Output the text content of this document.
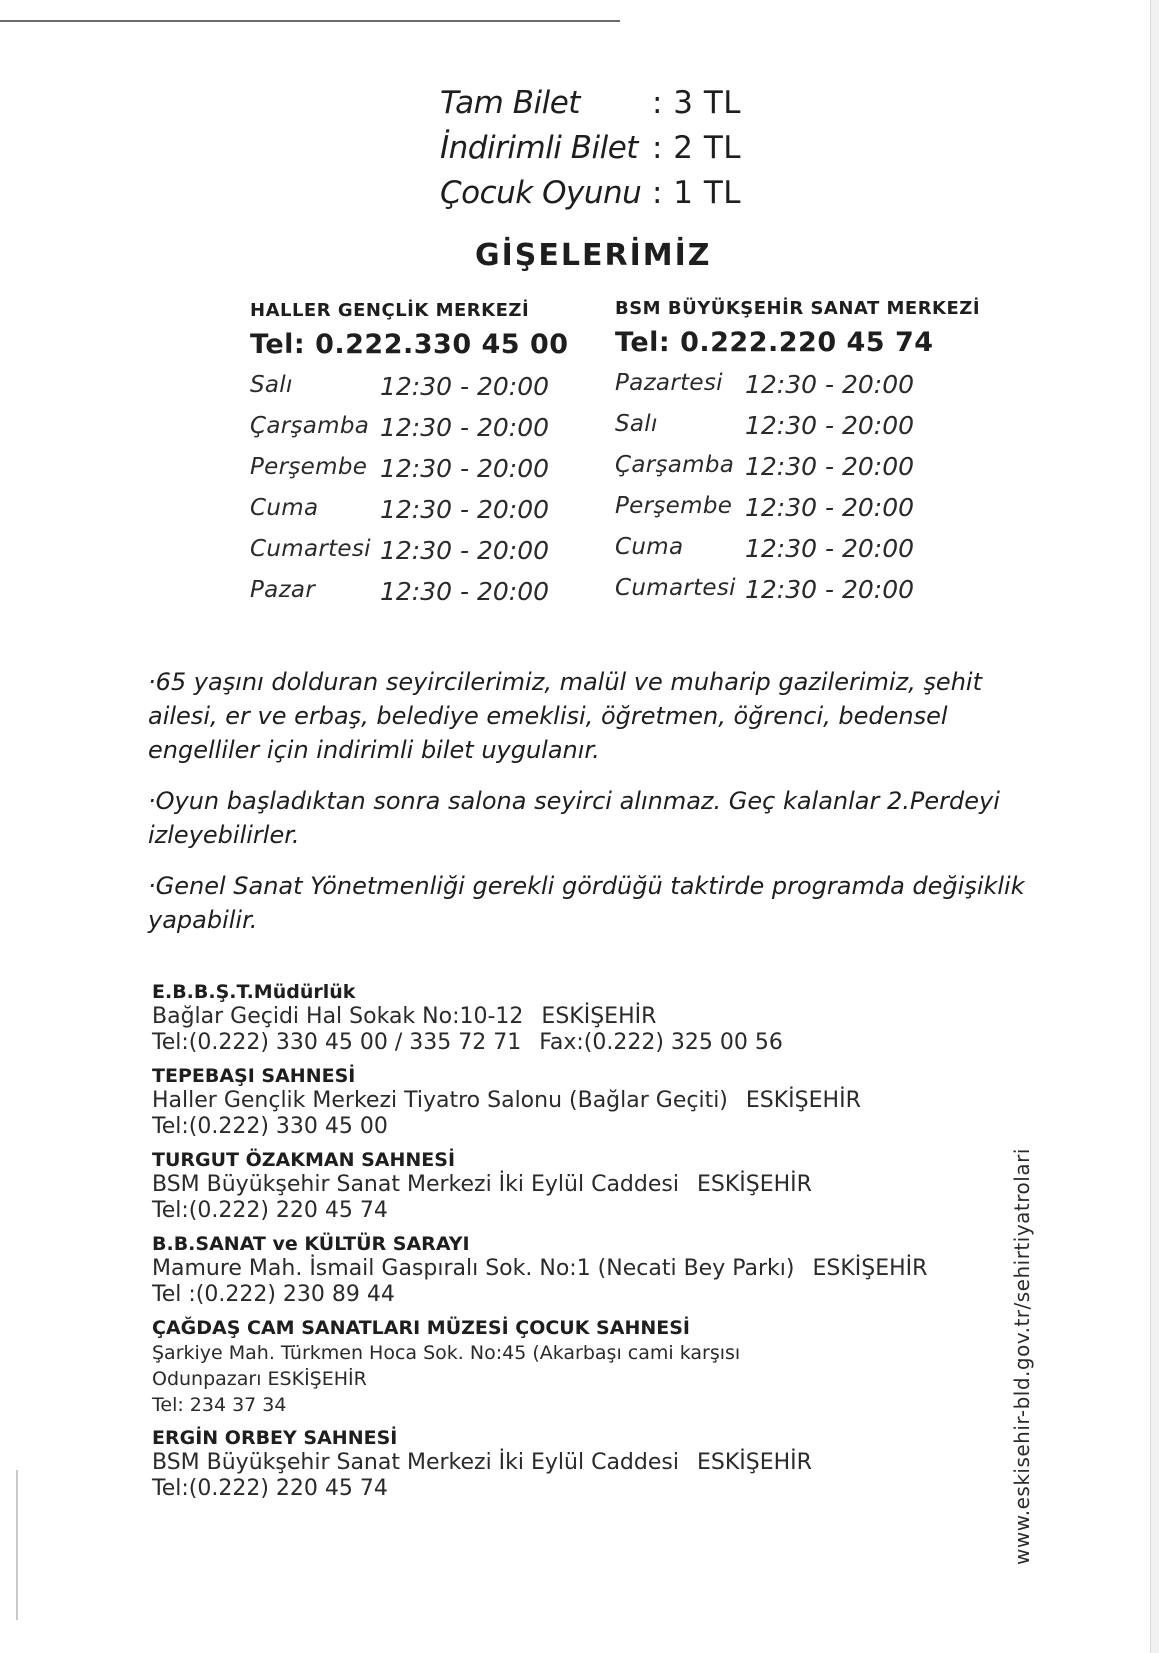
Tam Bilet : 3 TL
İndirimli Bilet : 2 TL
Çocuk Oyunu : 1 TL
GİŞELERİMİZ
HALLER GENÇLİK MERKEZİ
Tel: 0.222.330 45 00
Salı	12:30 - 20:00
Çarşamba 12:30 - 20:00
Perşembe 12:30 - 20:00
Cuma 12:30 - 20:00
Cumartesi 12:30 - 20:00
Pazar	12:30 - 20:00
BSM BÜYÜKŞEHİR SANAT MERKEZİ
Tel: 0.222.220 45 74
Pazartesi 12:30 - 20:00
Salı	12:30 - 20:00
Çarşamba 12:30 - 20:00
Perşembe 12:30 - 20:00
Cuma 12:30 - 20:00
Cumartesi 12:30 - 20:00

·65 yaşını dolduran seyircilerimiz, malül ve muharip gazilerimiz, şehit ailesi, er ve erbaş, belediye emeklisi, öğretmen, öğrenci, bedensel engelliler için indirimli bilet uygulanır.

·Oyun başladıktan sonra salona seyirci alınmaz. Geç kalanlar 2.Perdeyi izleyebilirler.

·Genel Sanat Yönetmenliği gerekli gördüğü taktirde programda değişiklik yapabilir.

E.B.B.Ş.T.Müdürlük
Bağlar Geçidi Hal Sokak No:10-12 ESKİŞEHİR
Tel:(0.222) 330 45 00 / 335 72 71 Fax:(0.222) 325 00 56
TEPEBAŞI SAHNESİ
Haller Gençlik Merkezi Tiyatro Salonu (Bağlar Geçiti) ESKİŞEHİR
Tel:(0.222) 330 45 00
TURGUT ÖZAKMAN SAHNESİ
BSM Büyükşehir Sanat Merkezi İki Eylül Caddesi ESKİŞEHİR
Tel:(0.222) 220 45 74
B.B.SANAT ve KÜLTÜR SARAYI
Mamure Mah. İsmail Gaspıralı Sok. No:1 (Necati Bey Parkı) ESKİŞEHİR
Tel :(0.222) 230 89 44
ÇAĞDAŞ CAM SANATLARI MÜZESİ ÇOCUK SAHNESİ
Şarkiye Mah. Türkmen Hoca Sok. No:45 (Akarbaşı cami karşısı
Odunpazarı ESKİŞEHİR
Tel: 234 37 34
ERGİN ORBEY SAHNESİ
BSM Büyükşehir Sanat Merkezi İki Eylül Caddesi ESKİŞEHİR
Tel:(0.222) 220 45 74	www.eskisehir-bld.gov.tr/sehirtiyatrolari
